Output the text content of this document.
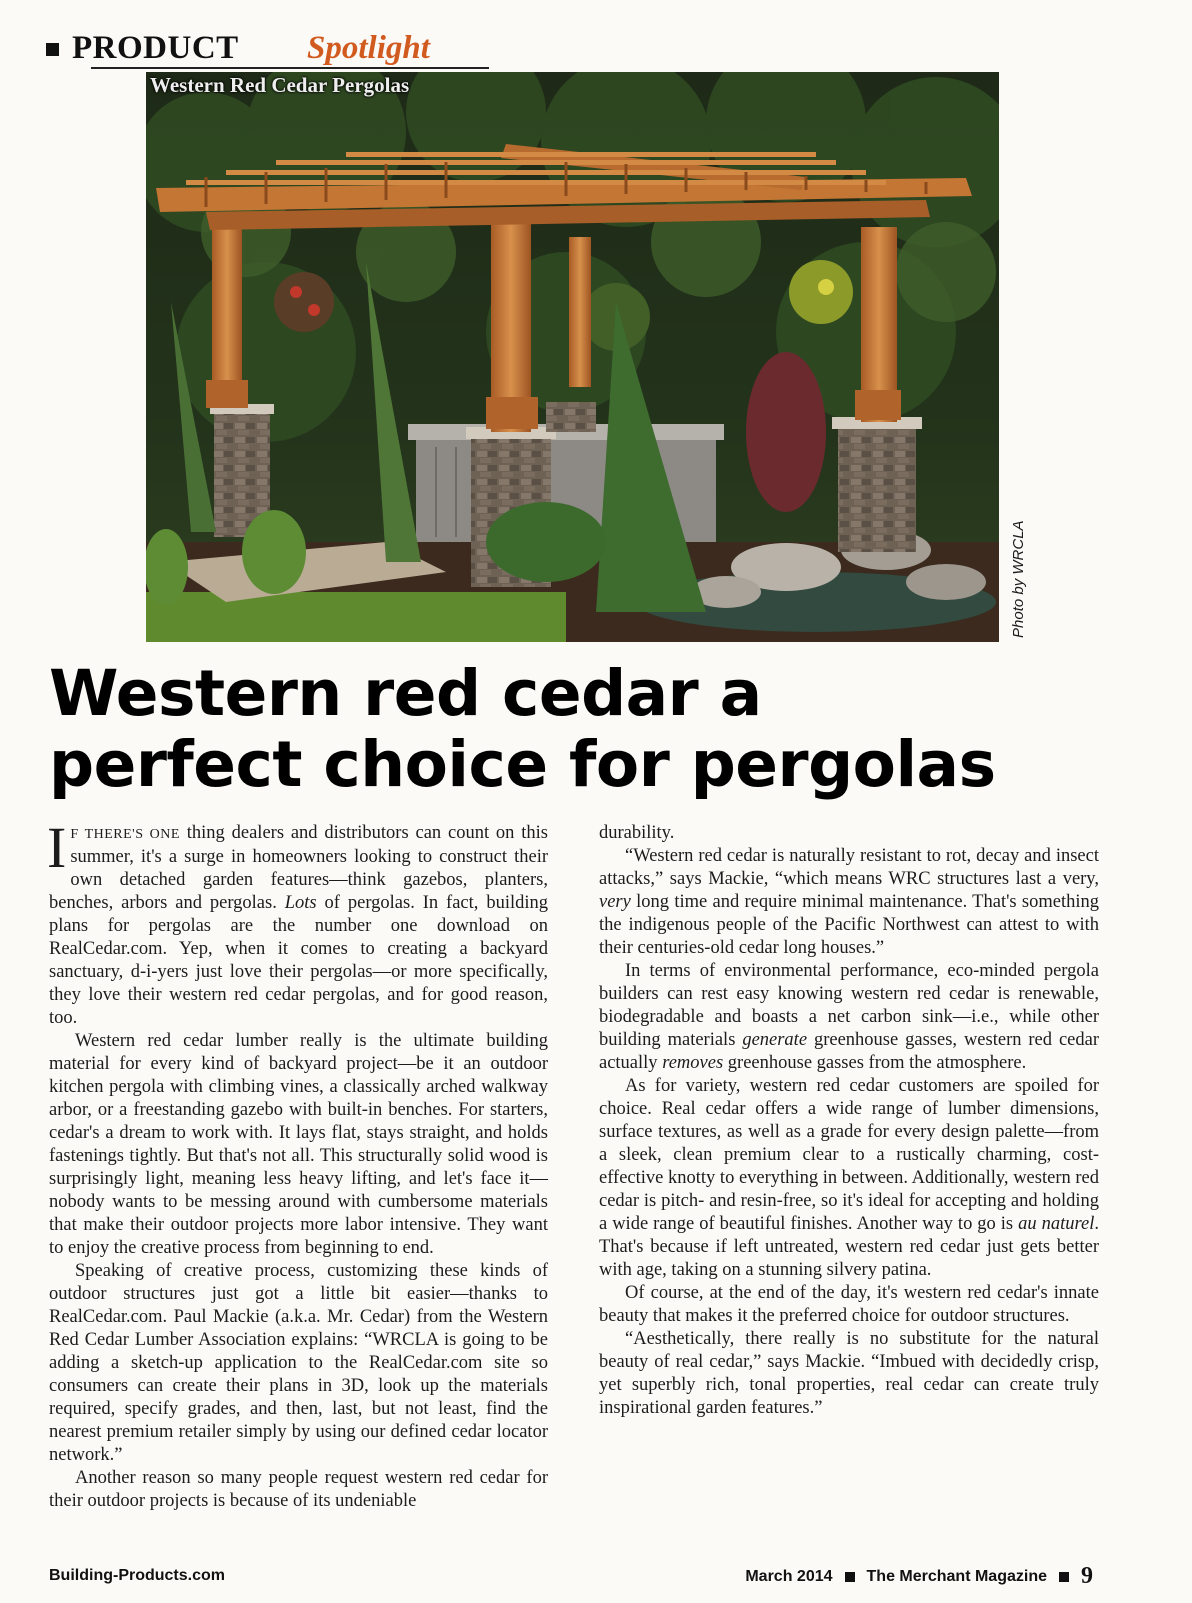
PRODUCT Spotlight
Western Red Cedar Pergolas
Photo by WRCLA
Western red cedar a
perfect choice for pergolas

I F THERE'S ONE thing dealers and distributors can count on this summer, it's a surge in homeowners looking to construct their own detached garden features—think gazebos, planters, benches, arbors and pergolas. Lots of pergolas. In fact, building plans for pergolas are the number one download on RealCedar.com. Yep, when it comes to creating a backyard sanctuary, d-i-yers just love their pergolas—or more specifically, they love their western red cedar pergolas, and for good reason, too.

Western red cedar lumber really is the ultimate building material for every kind of backyard project—be it an outdoor kitchen pergola with climbing vines, a classically arched walkway arbor, or a freestanding gazebo with built-in benches. For starters, cedar's a dream to work with. It lays flat, stays straight, and holds fastenings tightly. But that's not all. This structurally solid wood is surprisingly light, meaning less heavy lifting, and let's face it—nobody wants to be messing around with cumbersome materials that make their outdoor projects more labor intensive. They want to enjoy the creative process from beginning to end.

Speaking of creative process, customizing these kinds of outdoor structures just got a little bit easier—thanks to RealCedar.com. Paul Mackie (a.k.a. Mr. Cedar) from the Western Red Cedar Lumber Association explains: “WRCLA is going to be adding a sketch-up application to the RealCedar.com site so consumers can create their plans in 3D, look up the materials required, specify grades, and then, last, but not least, find the nearest premium retailer simply by using our defined cedar locator network.”

Another reason so many people request western red cedar for their outdoor projects is because of its undeniable

durability.

“Western red cedar is naturally resistant to rot, decay and insect attacks,” says Mackie, “which means WRC structures last a very, very long time and require minimal maintenance. That's something the indigenous people of the Pacific Northwest can attest to with their centuries-old cedar long houses.”

In terms of environmental performance, eco-minded pergola builders can rest easy knowing western red cedar is renewable, biodegradable and boasts a net carbon sink—i.e., while other building materials generate greenhouse gasses, western red cedar actually removes greenhouse gasses from the atmosphere.

As for variety, western red cedar customers are spoiled for choice. Real cedar offers a wide range of lumber dimensions, surface textures, as well as a grade for every design palette—from a sleek, clean premium clear to a rustically charming, cost-effective knotty to everything in between. Additionally, western red cedar is pitch- and resin-free, so it's ideal for accepting and holding a wide range of beautiful finishes. Another way to go is au naturel. That's because if left untreated, western red cedar just gets better with age, taking on a stunning silvery patina.

Of course, at the end of the day, it's western red cedar's innate beauty that makes it the preferred choice for outdoor structures.

“Aesthetically, there really is no substitute for the natural beauty of real cedar,” says Mackie. “Imbued with decidedly crisp, yet superbly rich, tonal properties, real cedar can create truly inspirational garden features.”

Building-Products.com	March 2014 The Merchant Magazine 9
